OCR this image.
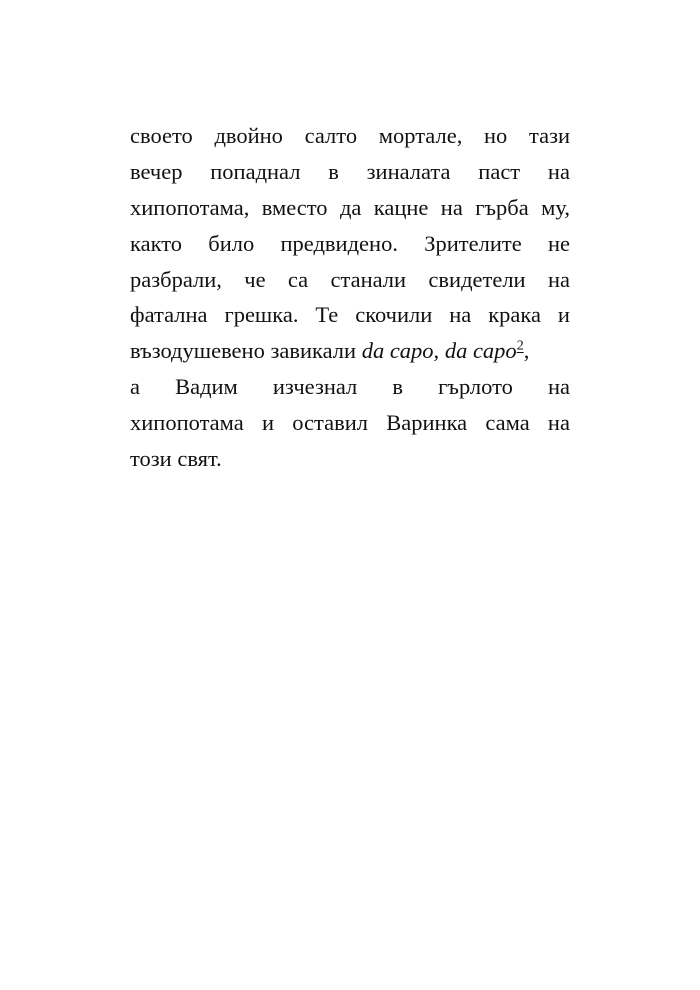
своето двойно салто мортале, но тази
вечер попаднал в зиналата паст на
хипопотама, вместо да кацне на гърба му,
както било предвидено. Зрителите не
разбрали, че са станали свидетели на
фатална грешка. Те скочили на крака и
възодушевено
завикали
da capo, da capo$^2$,
а Вадим изчезнал в гърлото на
хипопотама и оставил Варинка сама на
този
свят.
